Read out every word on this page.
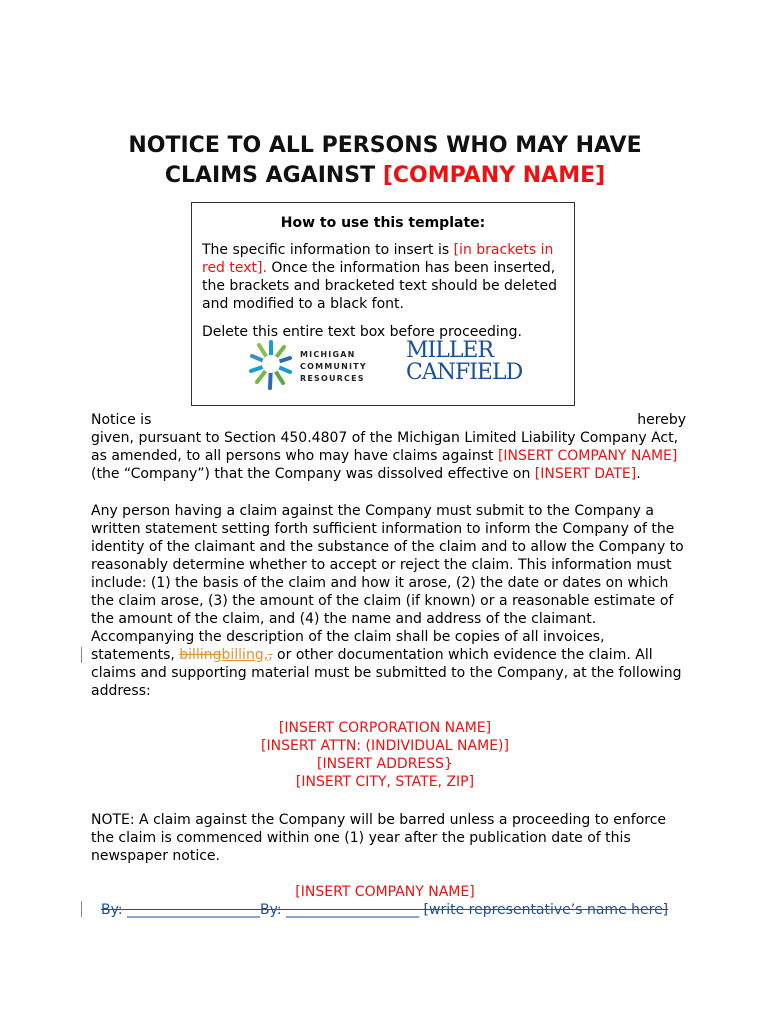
NOTICE TO ALL PERSONS WHO MAY HAVE
CLAIMS AGAINST [COMPANY NAME]
How to use this template:
The specific information to insert is [in brackets in
red text]. Once the information has been inserted,
the brackets and bracketed text should be deleted
and modified to a black font.
Delete this entire text box before proceeding.
MICHIGAN
COMMUNITY
RESOURCES
MILLER
CANFIELD
Notice is	hereby
given, pursuant to Section 450.4807 of the Michigan Limited Liability Company Act,
as amended, to all persons who may have claims against [INSERT COMPANY NAME]
(the “Company”) that the Company was dissolved effective on [INSERT DATE].
Any person having a claim against the Company must submit to the Company a
written statement setting forth sufficient information to inform the Company of the
identity of the claimant and the substance of the claim and to allow the Company to
reasonably determine whether to accept or reject the claim. This information must
include: (1) the basis of the claim and how it arose, (2) the date or dates on which
the claim arose, (3) the amount of the claim (if known) or a reasonable estimate of
the amount of the claim, and (4) the name and address of the claimant.
Accompanying the description of the claim shall be copies of all invoices,
statements, billingbilling,, or other documentation which evidence the claim. All
claims and supporting material must be submitted to the Company, at the following
address:
[INSERT CORPORATION NAME]
[INSERT ATTN: (INDIVIDUAL NAME)]
[INSERT ADDRESS}
[INSERT CITY, STATE, ZIP]
NOTE: A claim against the Company will be barred unless a proceeding to enforce
the claim is commenced within one (1) year after the publication date of this
newspaper notice.
[INSERT COMPANY NAME]
By: ___________________By: ___________________ [write representative’s name here]
